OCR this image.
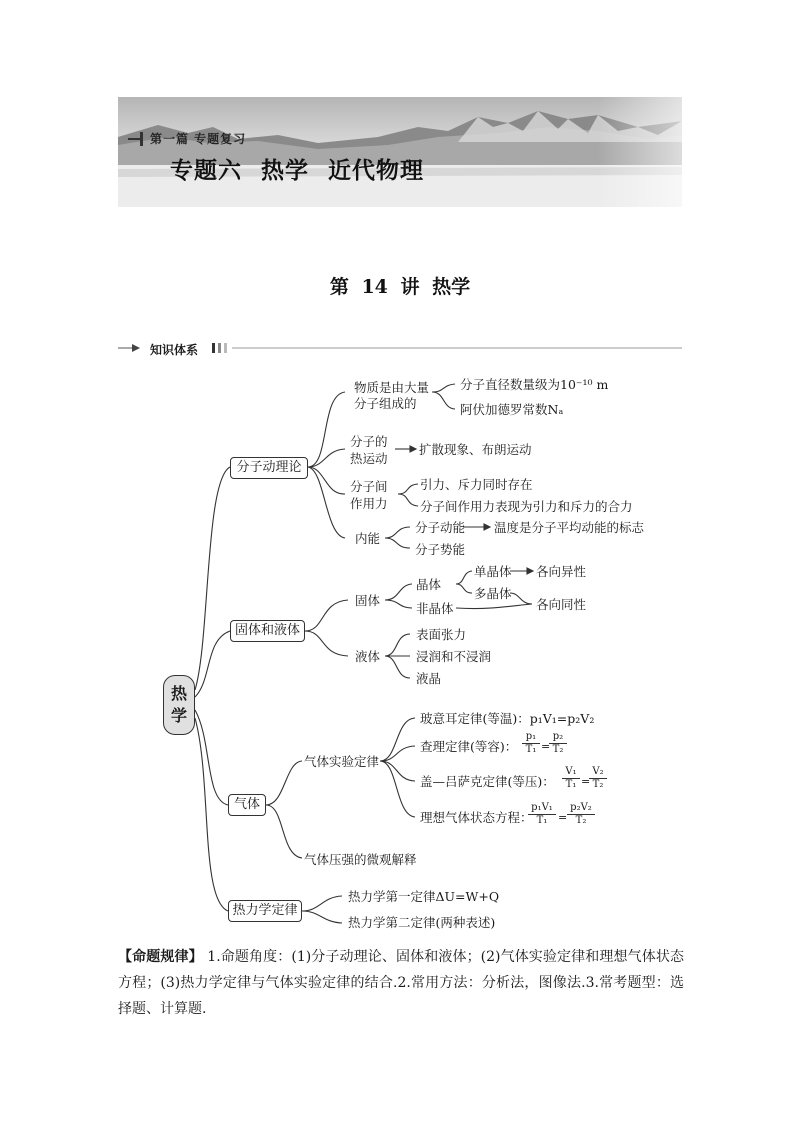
第一篇 专题复习
专题六 热学 近代物理
第 14 讲 热学
知识体系
热学
分子动理论
固体和液体
气体
热力学定律
物质是由大量
分子组成的
分子直径数量级为10⁻¹⁰ m
阿伏加德罗常数Nₐ
分子的
热运动
扩散现象、布朗运动
分子间
作用力
引力、斥力同时存在
分子间作用力表现为引力和斥力的合力
内能
分子动能 温度是分子平均动能的标志
分子势能
固体
晶体
单晶体 各向异性
多晶体
非晶体	各向同性
液体
表面张力
浸润和不浸润
液晶
气体实验定律
玻意耳定律(等温)：p₁V₁=p₂V₂
查理定律(等容)： $\frac{\text{p₁}}{\text{T₁}}$ =
$\frac{\text{p₂}}{\text{T₂}}$
盖—吕萨克定律(等压)： $\frac{\text{V₁}}{\text{T₁}}$ =
$\frac{\text{V₂}}{\text{T₂}}$
理想气体状态方程：
$\frac{\text{p₁V₁}}{\text{T₁}} = \frac{\text{p₂V₂}}{\text{T₂}}$
气体压强的微观解释
热力学第一定律ΔU=W+Q
热力学第二定律(两种表述)
【命题规律】 1.命题角度：(1)分子动理论、固体和液体；(2)气体实验定律和理想气体状态方程；(3)热力学定律与气体实验定律的结合.2.常用方法：分析法，图像法.3.常考题型：选择题、计算题.
